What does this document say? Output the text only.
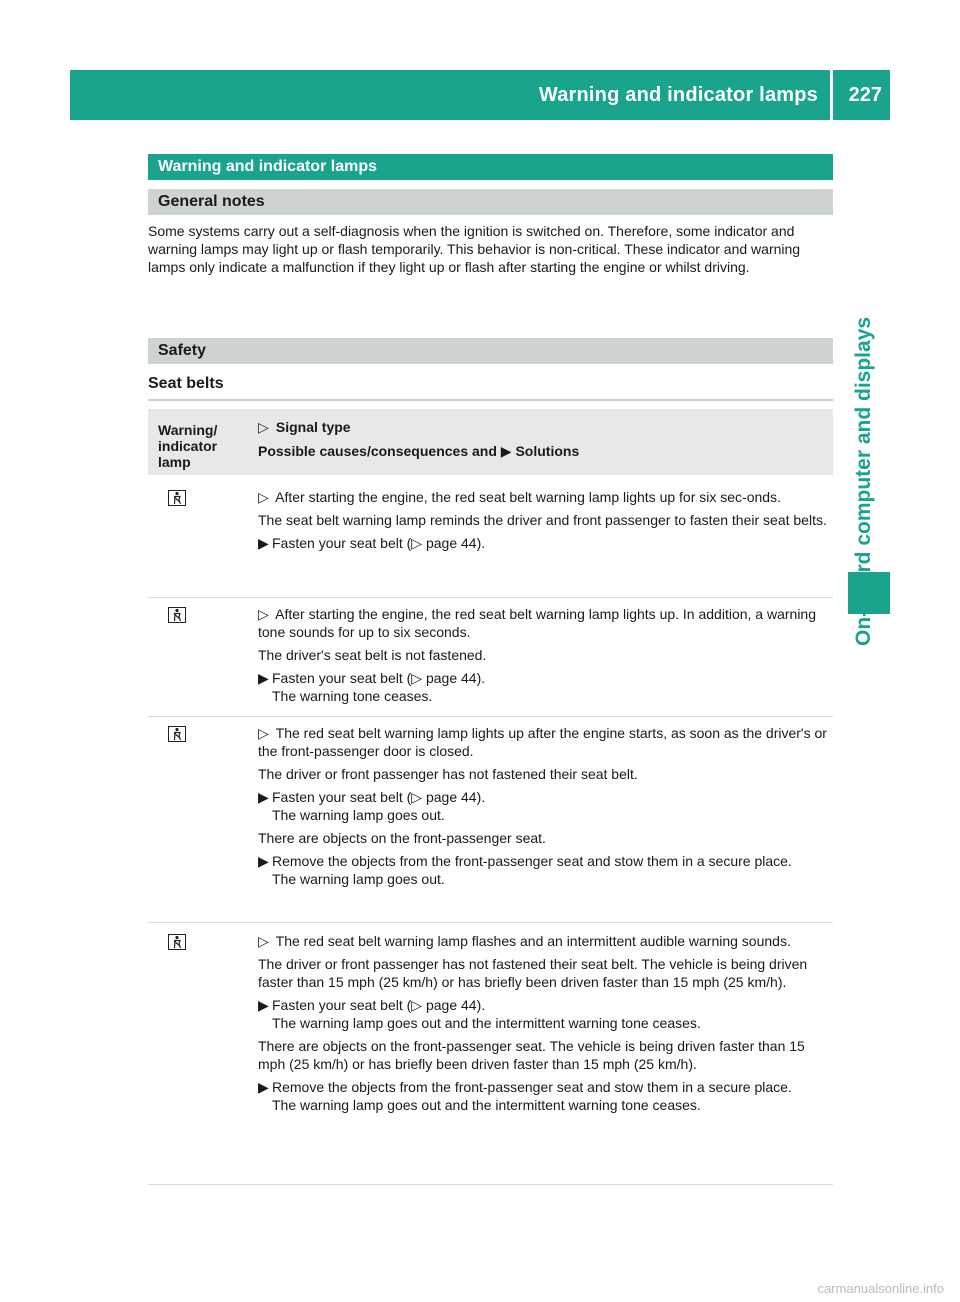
Warning and indicator lamps 227
On-board computer and displays
Warning and indicator lamps
General notes
Some systems carry out a self-diagnosis when the ignition is switched on. Therefore, some indicator and warning lamps may light up or flash temporarily. This behavior is non-critical. These indicator and warning lamps only indicate a malfunction if they light up or flash after starting the engine or whilst driving.
Safety
Seat belts
Warning/ indicator lamp
▷ Signal type
Possible causes/consequences and ▶ Solutions

▷ After starting the engine, the red seat belt warning lamp lights up for six sec-onds.

The seat belt warning lamp reminds the driver and front passenger to fasten their seat belts.

▶ Fasten your seat belt (▷ page 44).

▷ After starting the engine, the red seat belt warning lamp lights up. In addition, a warning tone sounds for up to six seconds.

The driver's seat belt is not fastened.

▶ Fasten your seat belt (▷ page 44).
The warning tone ceases.

▷ The red seat belt warning lamp lights up after the engine starts, as soon as the driver's or the front-passenger door is closed.

The driver or front passenger has not fastened their seat belt.

▶ Fasten your seat belt (▷ page 44).
The warning lamp goes out.

There are objects on the front-passenger seat.

▶ Remove the objects from the front-passenger seat and stow them in a secure place.
The warning lamp goes out.

▷ The red seat belt warning lamp flashes and an intermittent audible warning sounds.

The driver or front passenger has not fastened their seat belt. The vehicle is being driven faster than 15 mph (25 km/h) or has briefly been driven faster than 15 mph (25 km/h).

▶ Fasten your seat belt (▷ page 44).
The warning lamp goes out and the intermittent warning tone ceases.

There are objects on the front-passenger seat. The vehicle is being driven faster than 15 mph (25 km/h) or has briefly been driven faster than 15 mph (25 km/h).

▶ Remove the objects from the front-passenger seat and stow them in a secure place.
The warning lamp goes out and the intermittent warning tone ceases.
carmanualsonline.info
